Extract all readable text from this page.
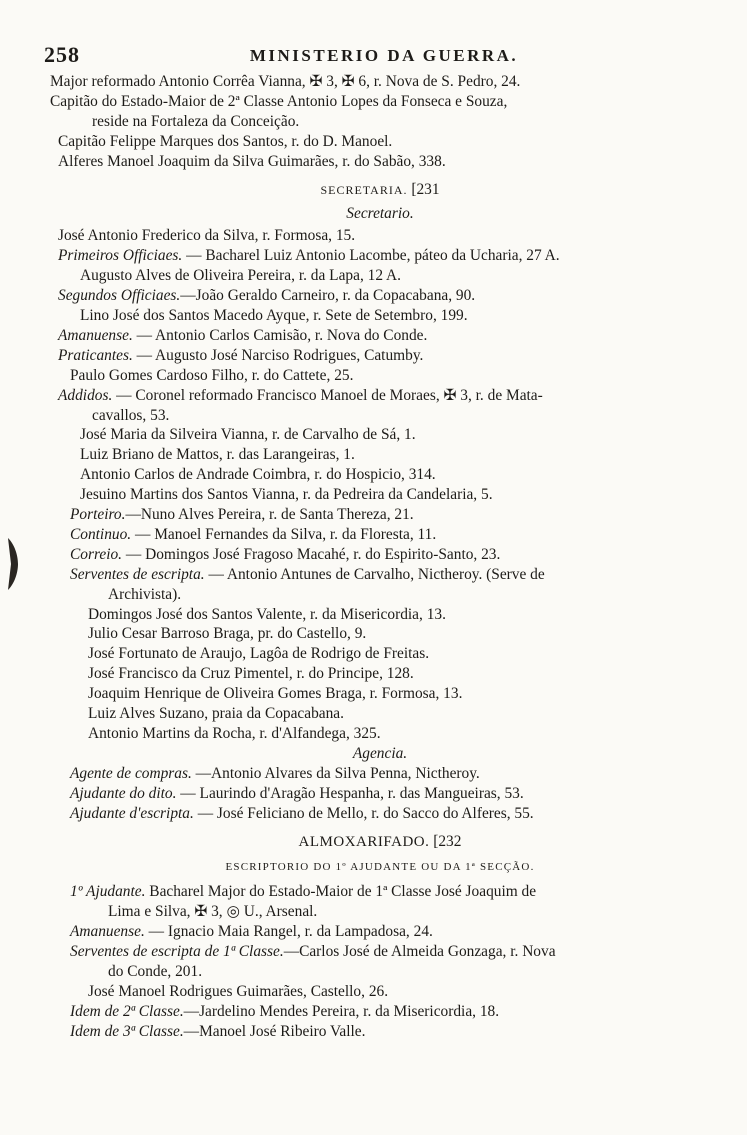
258	MINISTERIO DA GUERRA.
Major reformado Antonio Corrêa Vianna, ✠ 3, ✠ 6, r. Nova de S. Pedro, 24.
Capitão do Estado-Maior de 2ª Classe Antonio Lopes da Fonseca e Souza,
reside na Fortaleza da Conceição.
Capitão Felippe Marques dos Santos, r. do D. Manoel.
Alferes Manoel Joaquim da Silva Guimarães, r. do Sabão, 338.
SECRETARIA. [231
Secretario.
José Antonio Frederico da Silva, r. Formosa, 15.
Primeiros Officiaes. — Bacharel Luiz Antonio Lacombe, páteo da Ucharia, 27 A.
Augusto Alves de Oliveira Pereira, r. da Lapa, 12 A.
Segundos Officiaes.—João Geraldo Carneiro, r. da Copacabana, 90.
Lino José dos Santos Macedo Ayque, r. Sete de Setembro, 199.
Amanuense. — Antonio Carlos Camisão, r. Nova do Conde.
Praticantes. — Augusto José Narciso Rodrigues, Catumby.
Paulo Gomes Cardoso Filho, r. do Cattete, 25.
Addidos. — Coronel reformado Francisco Manoel de Moraes, ✠ 3, r. de Mata-
cavallos, 53.
José Maria da Silveira Vianna, r. de Carvalho de Sá, 1.
Luiz Briano de Mattos, r. das Larangeiras, 1.
Antonio Carlos de Andrade Coimbra, r. do Hospicio, 314.
Jesuino Martins dos Santos Vianna, r. da Pedreira da Candelaria, 5.
Porteiro.—Nuno Alves Pereira, r. de Santa Thereza, 21.
Continuo. — Manoel Fernandes da Silva, r. da Floresta, 11.
Correio. — Domingos José Fragoso Macahé, r. do Espirito-Santo, 23.
Serventes de escripta. — Antonio Antunes de Carvalho, Nictheroy. (Serve de
Archivista).
Domingos José dos Santos Valente, r. da Misericordia, 13.
Julio Cesar Barroso Braga, pr. do Castello, 9.
José Fortunato de Araujo, Lagôa de Rodrigo de Freitas.
José Francisco da Cruz Pimentel, r. do Principe, 128.
Joaquim Henrique de Oliveira Gomes Braga, r. Formosa, 13.
Luiz Alves Suzano, praia da Copacabana.
Antonio Martins da Rocha, r. d'Alfandega, 325.
Agencia.
Agente de compras. —Antonio Alvares da Silva Penna, Nictheroy.
Ajudante do dito. — Laurindo d'Aragão Hespanha, r. das Mangueiras, 53.
Ajudante d'escripta. — José Feliciano de Mello, r. do Sacco do Alferes, 55.
ALMOXARIFADO. [232
ESCRIPTORIO DO 1º AJUDANTE OU DA 1ª SECÇÃO.
1º Ajudante. Bacharel Major do Estado-Maior de 1ª Classe José Joaquim de
Lima e Silva, ✠ 3, ◎ U., Arsenal.
Amanuense. — Ignacio Maia Rangel, r. da Lampadosa, 24.
Serventes de escripta de 1ª Classe.—Carlos José de Almeida Gonzaga, r. Nova
do Conde, 201.
José Manoel Rodrigues Guimarães, Castello, 26.
Idem de 2ª Classe.—Jardelino Mendes Pereira, r. da Misericordia, 18.
Idem de 3ª Classe.—Manoel José Ribeiro Valle.
